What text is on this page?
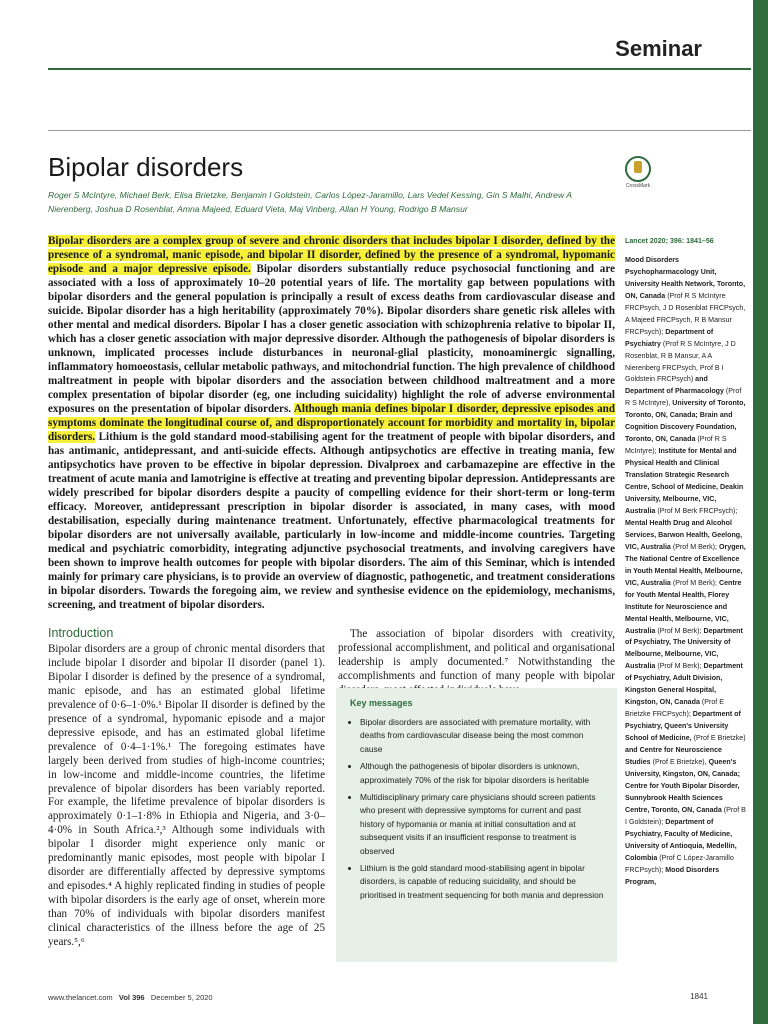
Seminar
Bipolar disorders
CrossMark
Roger S McIntyre, Michael Berk, Elisa Brietzke, Benjamin I Goldstein, Carlos López-Jaramillo, Lars Vedel Kessing, Gin S Malhi, Andrew A Nierenberg, Joshua D Rosenblat, Amna Majeed, Eduard Vieta, Maj Vinberg, Allan H Young, Rodrigo B Mansur
Bipolar disorders are a complex group of severe and chronic disorders that includes bipolar I disorder, defined by the presence of a syndromal, manic episode, and bipolar II disorder, defined by the presence of a syndromal, hypomanic episode and a major depressive episode. Bipolar disorders substantially reduce psychosocial functioning and are associated with a loss of approximately 10–20 potential years of life. The mortality gap between populations with bipolar disorders and the general population is principally a result of excess deaths from cardiovascular disease and suicide. Bipolar disorder has a high heritability (approximately 70%). Bipolar disorders share genetic risk alleles with other mental and medical disorders. Bipolar I has a closer genetic association with schizophrenia relative to bipolar II, which has a closer genetic association with major depressive disorder. Although the pathogenesis of bipolar disorders is unknown, implicated processes include disturbances in neuronal-glial plasticity, monoaminergic signalling, inflammatory homoeostasis, cellular metabolic pathways, and mitochondrial function. The high prevalence of childhood maltreatment in people with bipolar disorders and the association between childhood maltreatment and a more complex presentation of bipolar disorder (eg, one including suicidality) highlight the role of adverse environmental exposures on the presentation of bipolar disorders. Although mania defines bipolar I disorder, depressive episodes and symptoms dominate the longitudinal course of, and disproportionately account for morbidity and mortality in, bipolar disorders. Lithium is the gold standard mood-stabilising agent for the treatment of people with bipolar disorders, and has antimanic, antidepressant, and anti-suicide effects. Although antipsychotics are effective in treating mania, few antipsychotics have proven to be effective in bipolar depression. Divalproex and carbamazepine are effective in the treatment of acute mania and lamotrigine is effective at treating and preventing bipolar depression. Antidepressants are widely prescribed for bipolar disorders despite a paucity of compelling evidence for their short-term or long-term efficacy. Moreover, antidepressant prescription in bipolar disorder is associated, in many cases, with mood destabilisation, especially during maintenance treatment. Unfortunately, effective pharmacological treatments for bipolar disorders are not universally available, particularly in low-income and middle-income countries. Targeting medical and psychiatric comorbidity, integrating adjunctive psychosocial treatments, and involving caregivers have been shown to improve health outcomes for people with bipolar disorders. The aim of this Seminar, which is intended mainly for primary care physicians, is to provide an overview of diagnostic, pathogenetic, and treatment considerations in bipolar disorders. Towards the foregoing aim, we review and synthesise evidence on the epidemiology, mechanisms, screening, and treatment of bipolar disorders.
Introduction
Bipolar disorders are a group of chronic mental disorders that include bipolar I disorder and bipolar II disorder (panel 1). Bipolar I disorder is defined by the presence of a syndromal, manic episode, and has an estimated global lifetime prevalence of 0·6–1·0%.¹ Bipolar II disorder is defined by the presence of a syndromal, hypomanic episode and a major depressive episode, and has an estimated global lifetime prevalence of 0·4–1·1%.¹ The foregoing estimates have largely been derived from studies of high-income countries; in low-income and middle-income countries, the lifetime prevalence of bipolar disorders has been variably reported. For example, the lifetime prevalence of bipolar disorders is approximately 0·1–1·8% in Ethiopia and Nigeria, and 3·0–4·0% in South Africa.²,³ Although some individuals with bipolar I disorder might experience only manic or predominantly manic episodes, most people with bipolar I disorder are differentially affected by depressive symptoms and episodes.⁴ A highly replicated finding in studies of people with bipolar disorders is the early age of onset, wherein more than 70% of individuals with bipolar disorders manifest clinical characteristics of the illness before the age of 25 years.⁵,⁶
The association of bipolar disorders with creativity, professional accomplishment, and political and organisational leadership is amply documented.⁷ Notwithstanding the accomplishments and function of many people with bipolar
Key messages
• Bipolar disorders are associated with premature mortality, with deaths from cardiovascular disease being the most common cause
• Although the pathogenesis of bipolar disorders is unknown, approximately 70% of the risk for bipolar disorders is heritable
• Multidisciplinary primary care physicians should screen patients who present with depressive symptoms for current and past history of hypomania or mania at initial consultation and at subsequent visits if an insufficient response to treatment is observed
• Lithium is the gold standard mood-stabilising agent in bipolar disorders, is capable of reducing suicidality, and should be prioritised in treatment sequencing for both mania and depression
Lancet 2020; 396: 1841–56
Mood Disorders Psychopharmacology Unit, University Health Network, Toronto, ON, Canada (Prof R S McIntyre FRCPsych, J D Rosenblat FRCPsych, A Majeed FRCPsych, R B Mansur FRCPsych); Department of Psychiatry (Prof R S McIntyre, J D Rosenblat, R B Mansur, A A Nierenberg FRCPsych, Prof B I Goldstein FRCPsych) and Department of Pharmacology (Prof R S McIntyre), University of Toronto, Toronto, ON, Canada; Brain and Cognition Discovery Foundation, Toronto, ON, Canada (Prof R S McIntyre); Institute for Mental and Physical Health and Clinical Translation Strategic Research Centre, School of Medicine, Deakin University, Melbourne, VIC, Australia (Prof M Berk FRCPsych); Mental Health Drug and Alcohol Services, Barwon Health, Geelong, VIC, Australia (Prof M Berk); Orygen, The National Centre of Excellence in Youth Mental Health, Melbourne, VIC, Australia (Prof M Berk); Centre for Youth Mental Health, Florey Institute for Neuroscience and Mental Health, Melbourne, VIC, Australia (Prof M Berk); Department of Psychiatry, The University of Melbourne, Melbourne, VIC, Australia (Prof M Berk); Department of Psychiatry, Adult Division, Kingston General Hospital, Kingston, ON, Canada (Prof E Brietzke FRCPsych); Department of Psychiatry, Queen's University School of Medicine, (Prof E Brietzke) and Centre for Neuroscience Studies (Prof E Brietzke), Queen's University, Kingston, ON, Canada; Centre for Youth Bipolar Disorder, Sunnybrook Health Sciences Centre, Toronto, ON, Canada (Prof B I Goldstein); Department of Psychiatry, Faculty of Medicine, University of Antioquia, Medellín, Colombia (Prof C López-Jaramillo FRCPsych); Mood Disorders Program,
www.thelancet.com Vol 396 December 5, 2020	1841
